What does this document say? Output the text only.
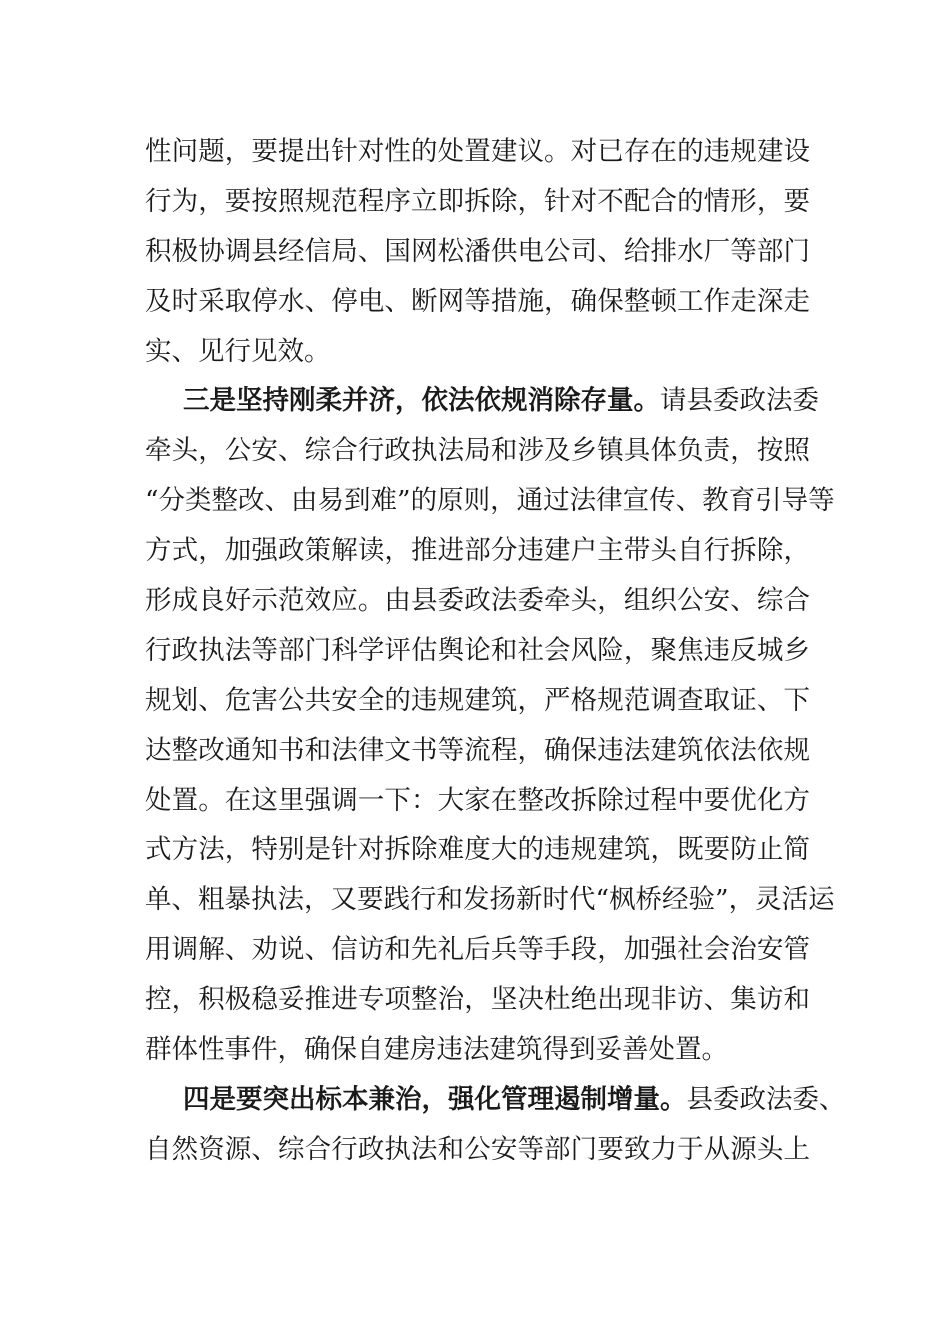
性问题，要提出针对性的处置建议。对已存在的违规建设
行为，要按照规范程序立即拆除，针对不配合的情形，要
积极协调县经信局、国网松潘供电公司、给排水厂等部门
及时采取停水、停电、断网等措施，确保整顿工作走深走
实、见行见效。
三是坚持刚柔并济，依法依规消除存量。请县委政法委
牵头，公安、综合行政执法局和涉及乡镇具体负责，按照
“分类整改、由易到难”的原则，通过法律宣传、教育引导等
方式，加强政策解读，推进部分违建户主带头自行拆除，
形成良好示范效应。由县委政法委牵头，组织公安、综合
行政执法等部门科学评估舆论和社会风险，聚焦违反城乡
规划、危害公共安全的违规建筑，严格规范调查取证、下
达整改通知书和法律文书等流程，确保违法建筑依法依规
处置。在这里强调一下：大家在整改拆除过程中要优化方
式方法，特别是针对拆除难度大的违规建筑，既要防止简
单、粗暴执法，又要践行和发扬新时代“枫桥经验”，灵活运
用调解、劝说、信访和先礼后兵等手段，加强社会治安管
控，积极稳妥推进专项整治，坚决杜绝出现非访、集访和
群体性事件，确保自建房违法建筑得到妥善处置。
四是要突出标本兼治，强化管理遏制增量。县委政法委、
自然资源、综合行政执法和公安等部门要致力于从源头上
